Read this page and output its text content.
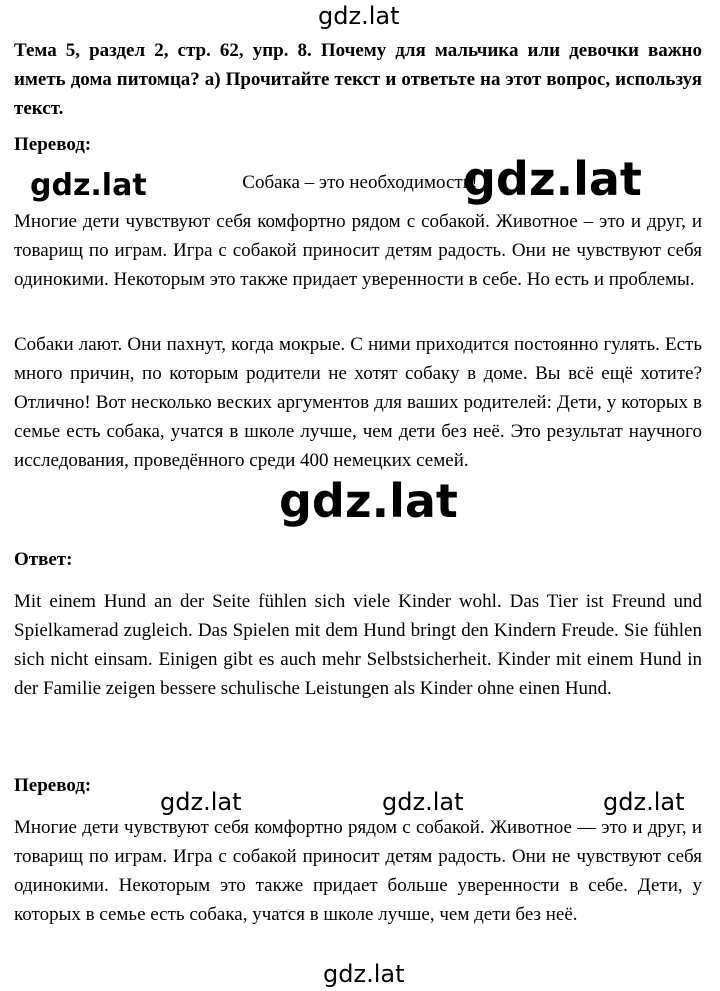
gdz.lat
gdz.lat	gdz.lat
gdz.lat
gdz.lat	gdz.lat	gdz.lat
gdz.lat
Тема 5, раздел 2, стр. 62, упр. 8. Почему для мальчика или девочки важно иметь дома питомца? а) Прочитайте текст и ответьте на этот вопрос, используя текст.
Перевод:
Собака – это необходимость!
Многие дети чувствуют себя комфортно рядом с собакой. Животное – это и друг, и товарищ по играм. Игра с собакой приносит детям радость. Они не чувствуют себя одинокими. Некоторым это также придает уверенности в себе. Но есть и проблемы.
Собаки лают. Они пахнут, когда мокрые. С ними приходится постоянно гулять. Есть много причин, по которым родители не хотят собаку в доме. Вы всё ещё хотите? Отлично! Вот несколько веских аргументов для ваших родителей: Дети, у которых в семье есть собака, учатся в школе лучше, чем дети без неё. Это результат научного исследования, проведённого среди 400 немецких семей.
Ответ:
Mit einem Hund an der Seite fühlen sich viele Kinder wohl. Das Tier ist Freund und Spielkamerad zugleich. Das Spielen mit dem Hund bringt den Kindern Freude. Sie fühlen sich nicht einsam. Einigen gibt es auch mehr Selbstsicherheit. Kinder mit einem Hund in der Familie zeigen bessere schulische Leistungen als Kinder ohne einen Hund.
Перевод:
Многие дети чувствуют себя комфортно рядом с собакой. Животное — это и друг, и товарищ по играм. Игра с собакой приносит детям радость. Они не чувствуют себя одинокими. Некоторым это также придает больше уверенности в себе. Дети, у которых в семье есть собака, учатся в школе лучше, чем дети без неё.
